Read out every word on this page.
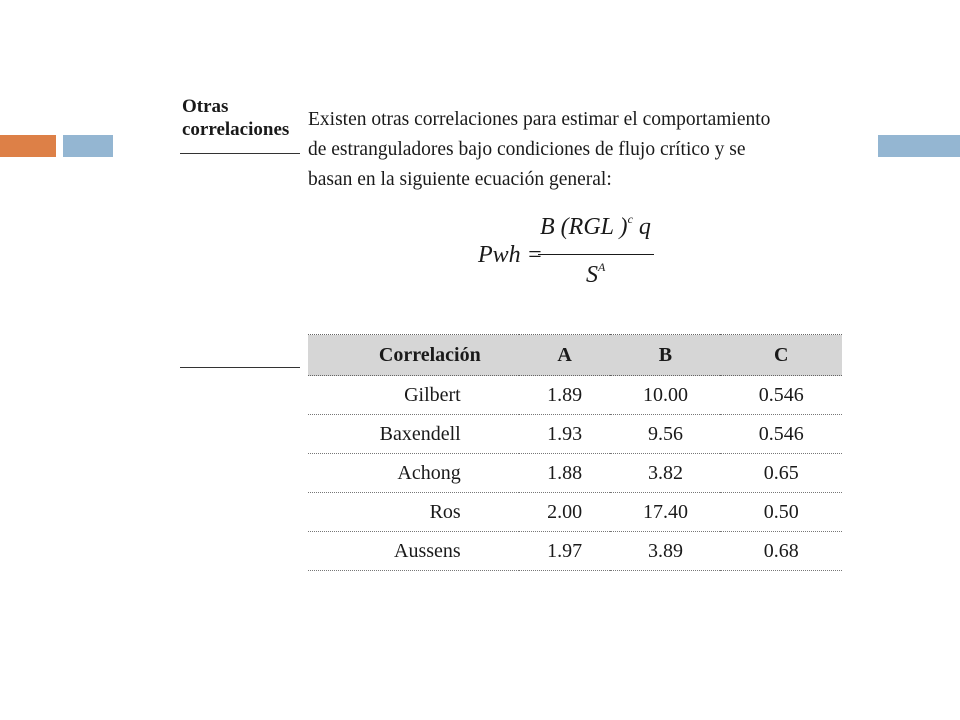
Otras
correlaciones Existen otras correlaciones para estimar el comportamiento de estranguladores bajo condiciones de flujo crítico y se basan en la siguiente ecuación general:
Pwh =
B (RGL )$^c$ q
$S^A$
Correlación	A	B	C
Gilbert	1.89	10.00	0.546
Baxendell	1.93	9.56	0.546
Achong	1.88	3.82	0.65
Ros	2.00	17.40	0.50
Aussens	1.97	3.89	0.68
